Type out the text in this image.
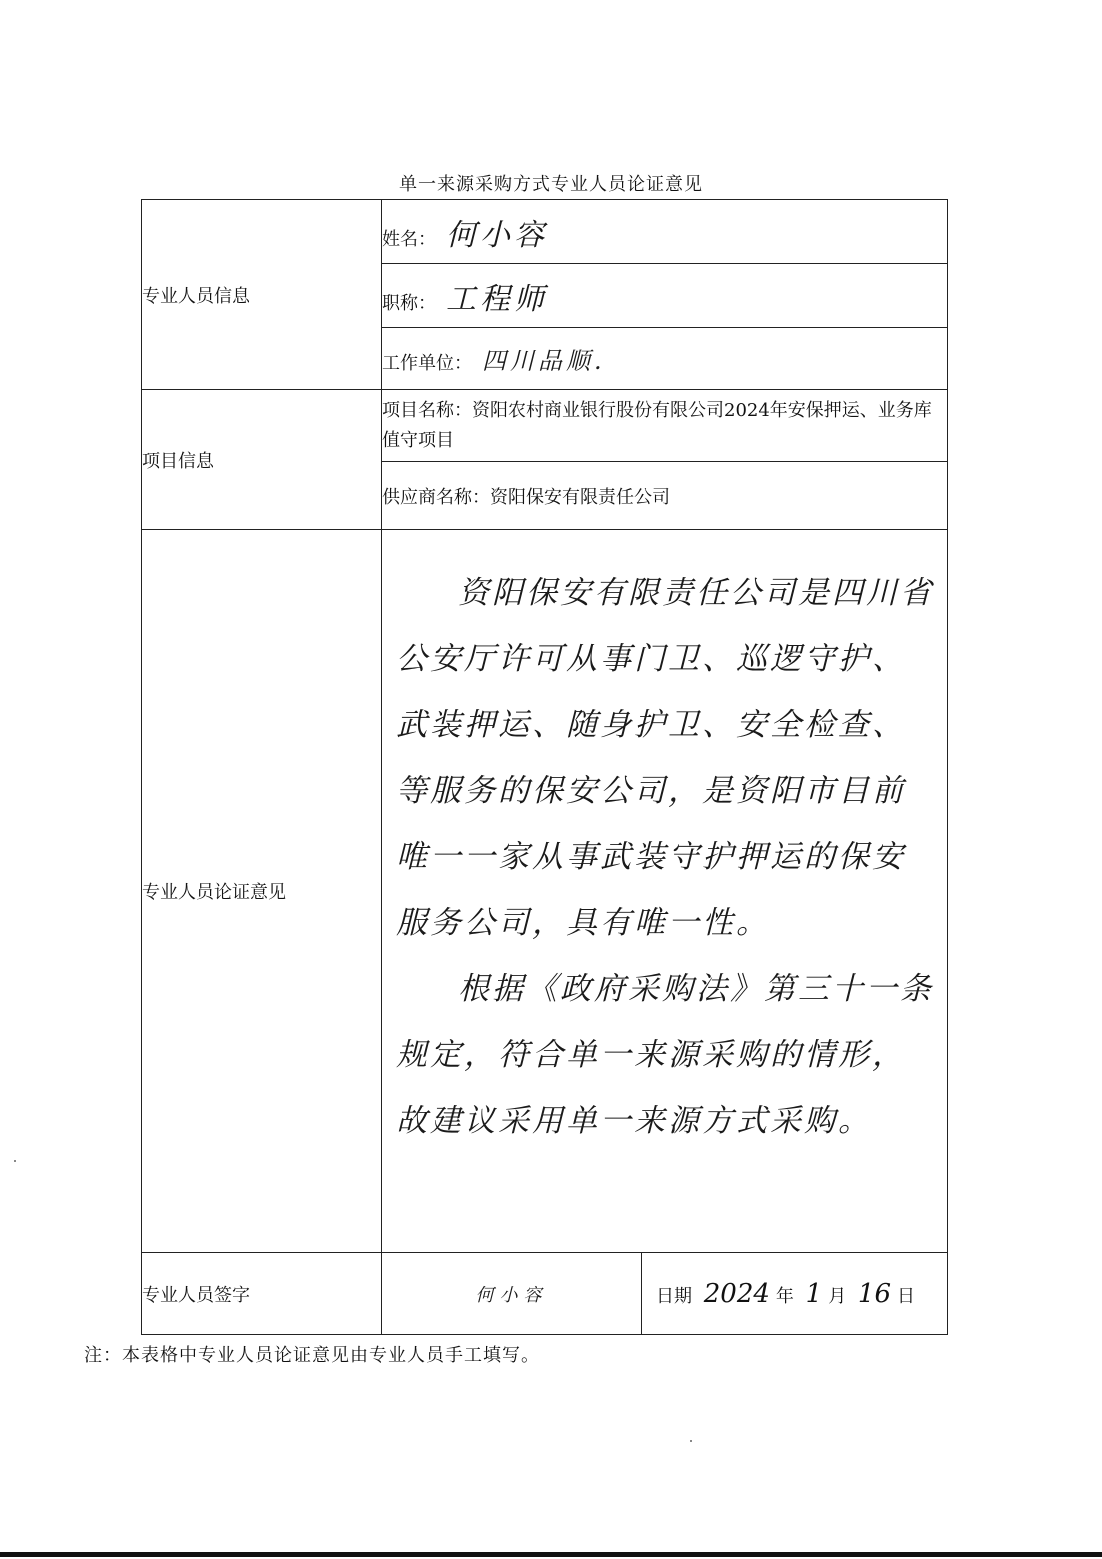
单一来源采购方式专业人员论证意见
专业人员信息	姓名： 何小容	
	职称： 工程师	
	工作单位： 四川品顺.	
项目信息	项目名称：资阳农村商业银行股份有限公司2024年安保押运、业务库值守项目	
	供应商名称：资阳保安有限责任公司	
专业人员论证意见	资阳保安有限责任公司是四川省公安厅许可从事门卫、巡逻守护、武装押运、随身护卫、安全检查、等服务的保安公司，是资阳市目前唯一一家从事武装守护押运的保安服务公司，具有唯一性。

根据《政府采购法》第三十一条规定，符合单一来源采购的情形，故建议采用单一来源方式采购。	

专业人员签字	何小容	日期 2024 年 1 月 16 日
注：本表格中专业人员论证意见由专业人员手工填写。
